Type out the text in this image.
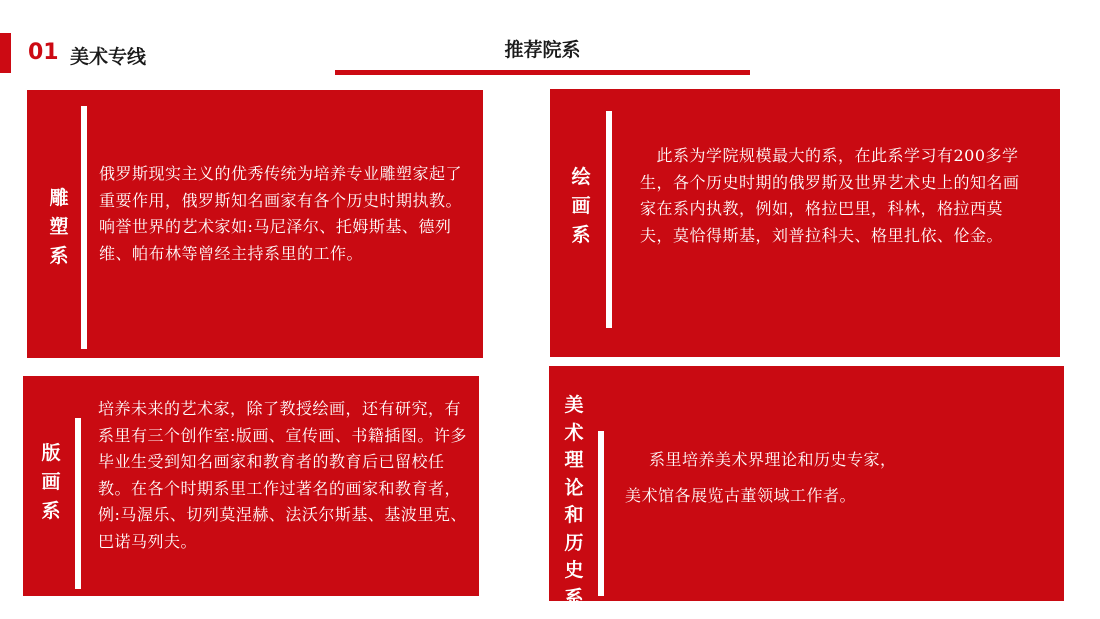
01 美术专线	推荐院系
雕
塑
系
俄罗斯现实主义的优秀传统为培养专业雕塑家起了重要作用，俄罗斯知名画家有各个历史时期执教。响誉世界的艺术家如:马尼泽尔、托姆斯基、德列维、帕布林等曾经主持系里的工作。
绘
画
系
　此系为学院规模最大的系，在此系学习有200多学生，各个历史时期的俄罗斯及世界艺术史上的知名画家在系内执教，例如，格拉巴里，科林，格拉西莫夫，莫恰得斯基，刘普拉科夫、格里扎依、伦金。
版
画
系
培养未来的艺术家，除了教授绘画，还有研究，有系里有三个创作室:版画、宣传画、书籍插图。许多毕业生受到知名画家和教育者的教育后已留校任教。在各个时期系里工作过著名的画家和教育者，例:马渥乐、切列莫涅赫、法沃尔斯基、基波里克、巴诺马列夫。
美
术
理
论
和
历
史
系
系里培养美术界理论和历史专家，
美术馆各展览古董领域工作者。
